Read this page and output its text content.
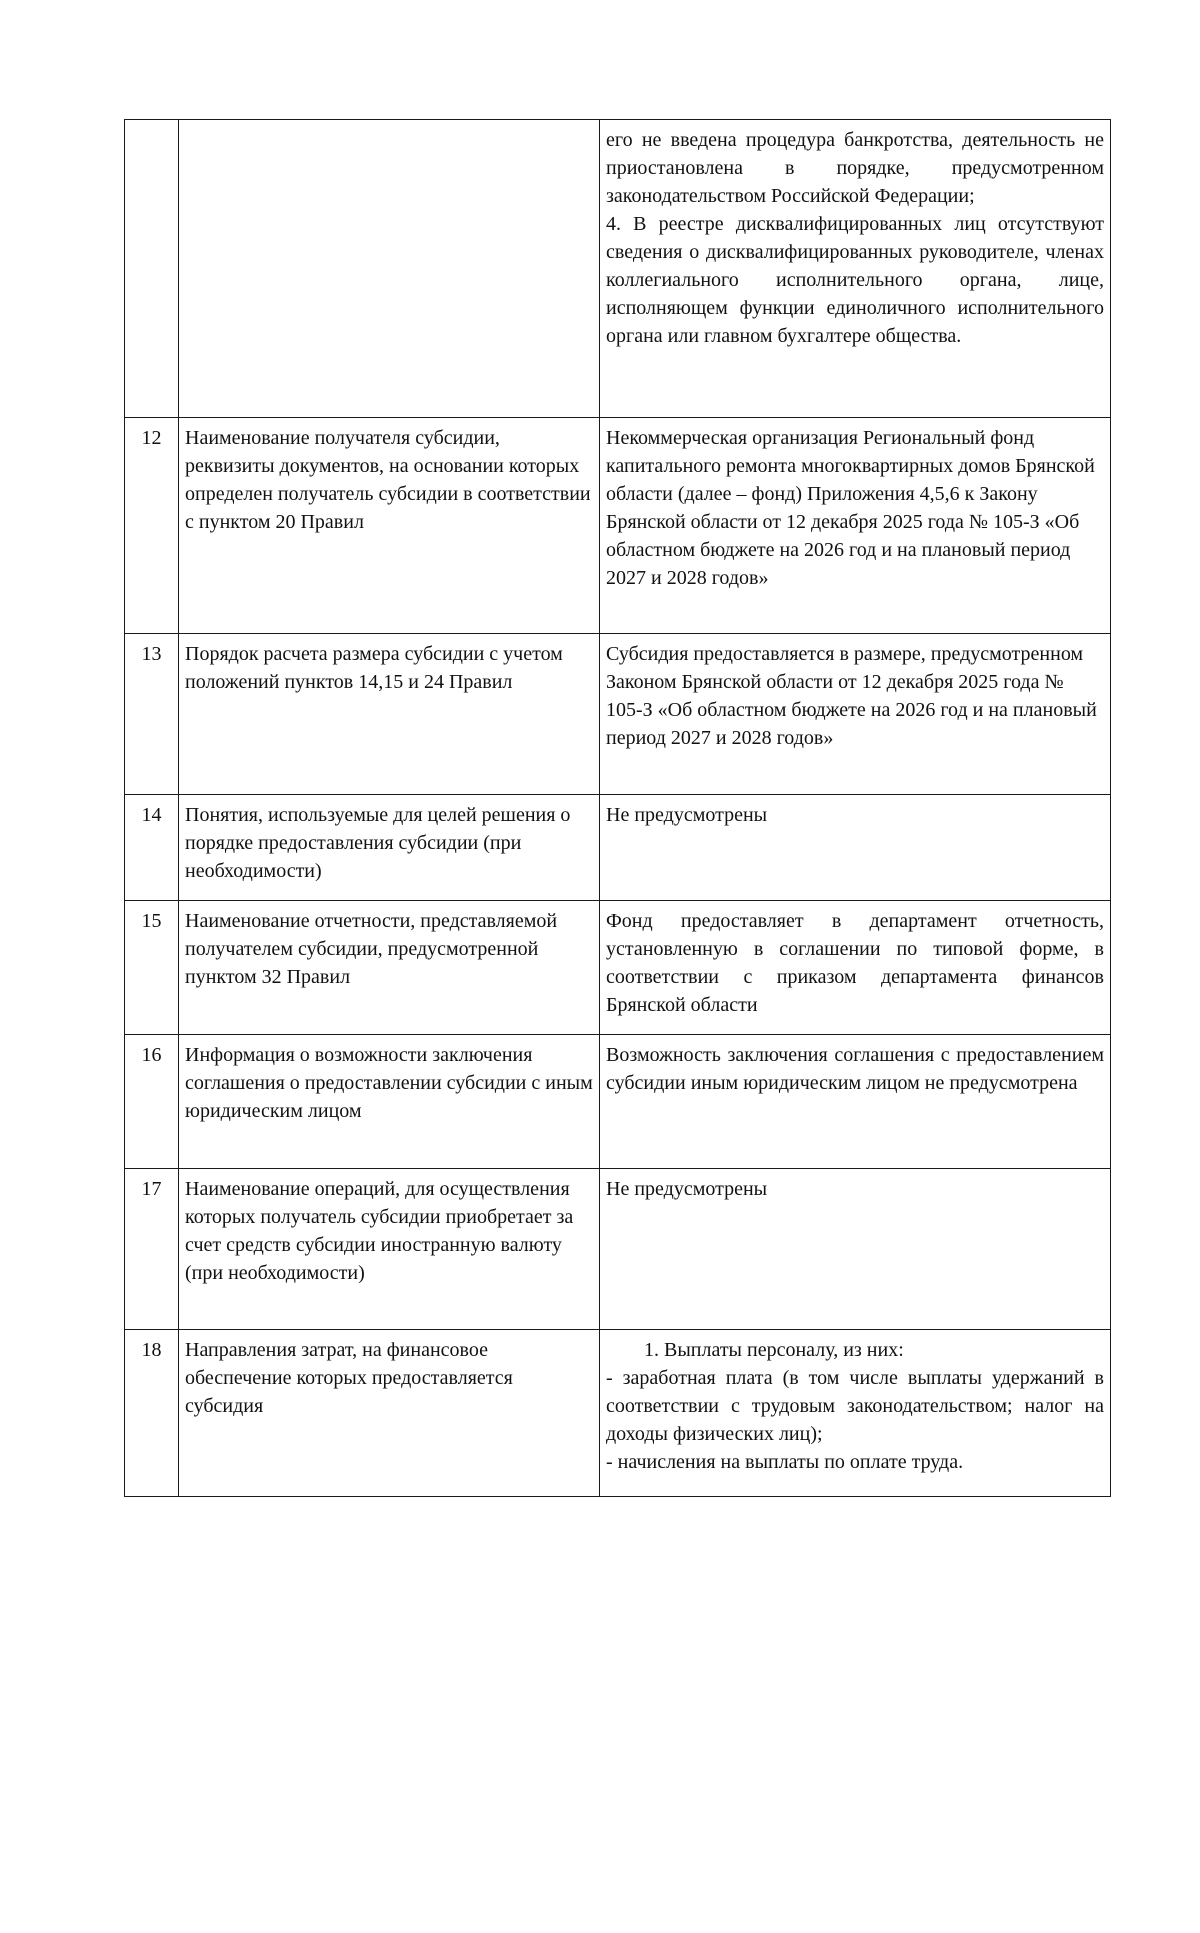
		его не введена процедура банкротства, деятельность не приостановлена в порядке, предусмотренном законодательством Российской Федерации;

4. В реестре дисквалифицированных лиц отсутствуют сведения о дисквалифицированных руководителе, членах коллегиального исполнительного органа, лице, исполняющем функции единоличного исполнительного органа или главном бухгалтере общества.

12	Наименование получателя субсидии, реквизиты документов, на основании которых определен получатель субсидии в соответствии с пунктом 20 Правил	Некоммерческая организация Региональный фонд капитального ремонта многоквартирных домов Брянской области (далее – фонд) Приложения 4,5,6 к Закону Брянской области от 12 декабря 2025 года № 105-З «Об областном бюджете на 2026 год и на плановый период 2027 и 2028 годов»

13	Порядок расчета размера субсидии с учетом положений пунктов 14,15 и 24 Правил	Субсидия предоставляется в размере, предусмотренном Законом Брянской области от 12 декабря 2025 года № 105-З «Об областном бюджете на 2026 год и на плановый период 2027 и 2028 годов»

14	Понятия, используемые для целей решения о порядке предоставления субсидии (при необходимости)	Не предусмотрены

15	Наименование отчетности, представляемой получателем субсидии, предусмотренной пунктом 32 Правил	Фонд предоставляет в департамент отчетность, установленную в соглашении по типовой форме, в соответствии с приказом департамента финансов Брянской области

16	Информация о возможности заключения соглашения о предоставлении субсидии с иным юридическим лицом	Возможность заключения соглашения с предоставлением субсидии иным юридическим лицом не предусмотрена

17	Наименование операций, для осуществления которых получатель субсидии приобретает за счет средств субсидии иностранную валюту (при необходимости)	Не предусмотрены

18	Направления затрат, на финансовое обеспечение которых предоставляется субсидия	1. Выплаты персоналу, из них:

- заработная плата (в том числе выплаты удержаний в соответствии с трудовым законодательством; налог на доходы физических лиц);

- начисления на выплаты по оплате труда.
